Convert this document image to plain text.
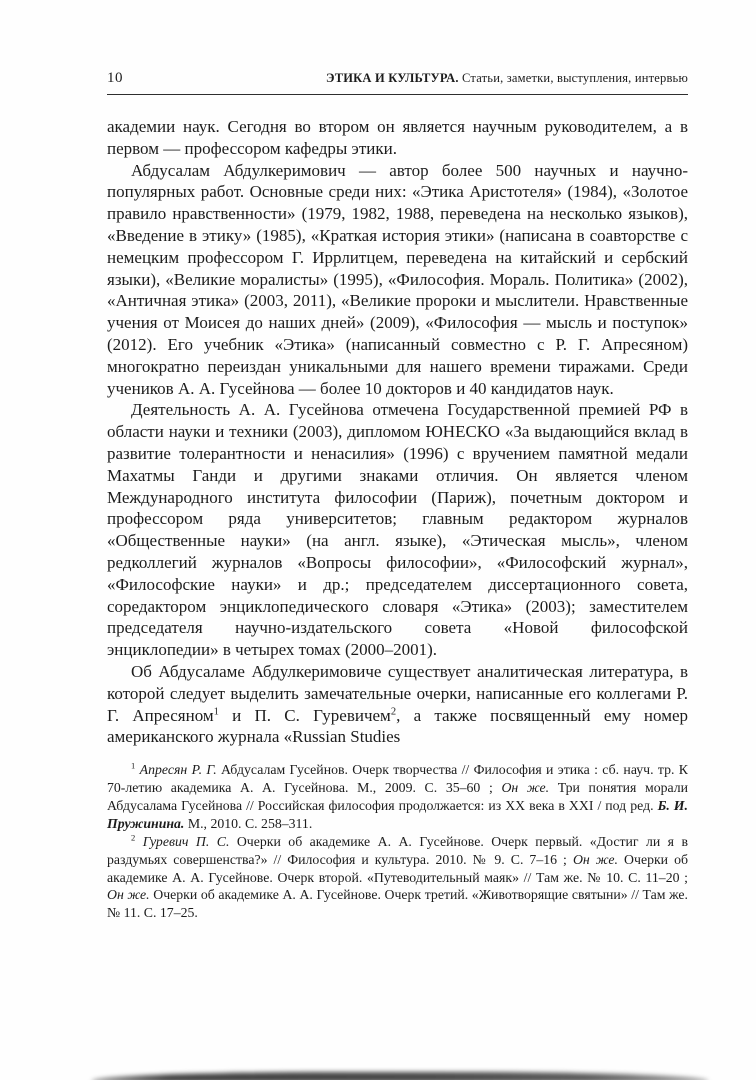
10	ЭТИКА И КУЛЬТУРА. Статьи, заметки, выступления, интервью

академии наук. Сегодня во втором он является научным руководителем, а в первом — профессором кафедры этики.

Абдусалам Абдулкеримович — автор более 500 научных и научно-популярных работ. Основные среди них: «Этика Аристотеля» (1984), «Золотое правило нравственности» (1979, 1982, 1988, переведена на несколько языков), «Введение в этику» (1985), «Краткая история этики» (написана в соавторстве с немецким профессором Г. Иррлитцем, переведена на китайский и сербский языки), «Великие моралисты» (1995), «Философия. Мораль. Политика» (2002), «Античная этика» (2003, 2011), «Великие пророки и мыслители. Нравственные учения от Моисея до наших дней» (2009), «Философия — мысль и поступок» (2012). Его учебник «Этика» (написанный совместно с Р. Г. Апресяном) многократно переиздан уникальными для нашего времени тиражами. Среди учеников А. А. Гусейнова — более 10 докторов и 40 кандидатов наук.

Деятельность А. А. Гусейнова отмечена Государственной премией РФ в области науки и техники (2003), дипломом ЮНЕСКО «За выдающийся вклад в развитие толерантности и ненасилия» (1996) с вручением памятной медали Махатмы Ганди и другими знаками отличия. Он является членом Международного института философии (Париж), почетным доктором и профессором ряда университетов; главным редактором журналов «Общественные науки» (на англ. языке), «Этическая мысль», членом редколлегий журналов «Вопросы философии», «Философский журнал», «Философские науки» и др.; председателем диссертационного совета, соредактором энциклопедического словаря «Этика» (2003); заместителем председателя научно-издательского совета «Новой философской энциклопедии» в четырех томах (2000–2001).

Об Абдусаламе Абдулкеримовиче существует аналитическая литература, в которой следует выделить замечательные очерки, написанные его коллегами Р. Г. Апресяном$^1$ и П. С. Гуревичем$^2$, а также посвященный ему номер американского журнала «Russian Studies

$^1$ Апресян Р. Г. Абдусалам Гусейнов. Очерк творчества // Философия и этика : сб. науч. тр. К 70-летию академика А. А. Гусейнова. М., 2009. С. 35–60 ; Он же. Три понятия морали Абдусалама Гусейнова // Российская философия продолжается: из XX века в XXI / под ред. Б. И. Пружинина. М., 2010. С. 258–311.

$^2$ Гуревич П. С. Очерки об академике А. А. Гусейнове. Очерк первый. «Достиг ли я в раздумьях совершенства?» // Философия и культура. 2010. № 9. С. 7–16 ; Он же. Очерки об академике А. А. Гусейнове. Очерк второй. «Путеводительный маяк» // Там же. № 10. С. 11–20 ; Он же. Очерки об академике А. А. Гусейнове. Очерк третий. «Животворящие святыни» // Там же. № 11. С. 17–25.
